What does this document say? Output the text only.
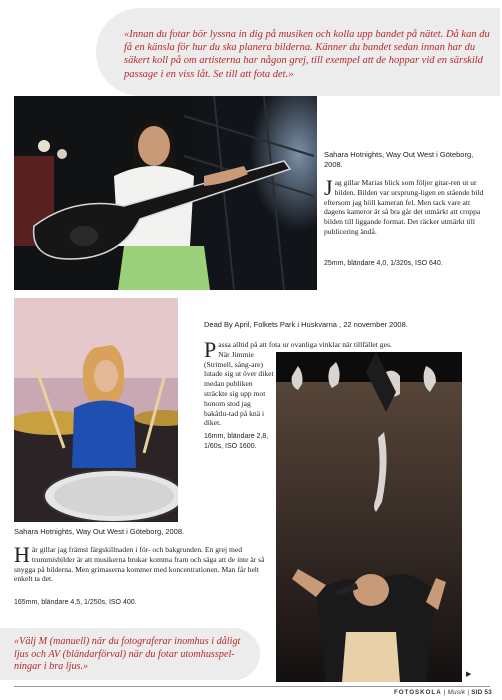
«Innan du fotar bör lyssna in dig på musiken och kolla upp bandet på nätet. Då kan du få en känsla för hur du ska planera bilderna. Känner du bandet sedan innan har du säkert koll på om artisterna har någon grej, till exempel att de hoppar vid en särskild passage i en viss låt. Se till att fota det.»

Sahara Hotnights, Way Out West i Göteborg, 2008.
J ag gillar Marias blick som följer gitar-ren ut ur bilden. Bilden var ursprung-ligen en stående bild eftersom jag höll kameran fel. Men tack vare att dagens kameror är så bra går det utmärkt att croppa bilden till liggande format. Det räcker utmärkt till publicering ändå.
25mm, bländare 4,0, 1/320s, ISO 640.
Dead By April, Folkets Park i Huskvarna , 22 november 2008.
P assa alltid på att fota ur ovanliga vinklar när tillfället ges.
När Jimmie (Strimell, sång-are) lutade sig ut över diket medan publiken sträckte sig upp mot honom stod jag bakåtlu-tad på knä i diket.
16mm, bländare 2,8, 1/60s, ISO 1600.
Sahara Hotnights, Way Out West i Göteborg, 2008.
H är gillar jag främst färgskillnaden i för- och bakgrunden. En grej med trummisbilder är att musikerna brukar komma fram och säga att de inte är så snygga på bilderna. Men grimaserna kommer med koncentrationen. Man får helt enkelt ta det.
165mm, bländare 4,5, 1/250s, ISO 400.

«Välj M (manuell) när du fotograferar inomhus i dåligt ljus och AV (bländarförval) när du fotar utomhusspel-ningar i bra ljus.»

▶
FOTOSKOLA | Musik | SID 53
